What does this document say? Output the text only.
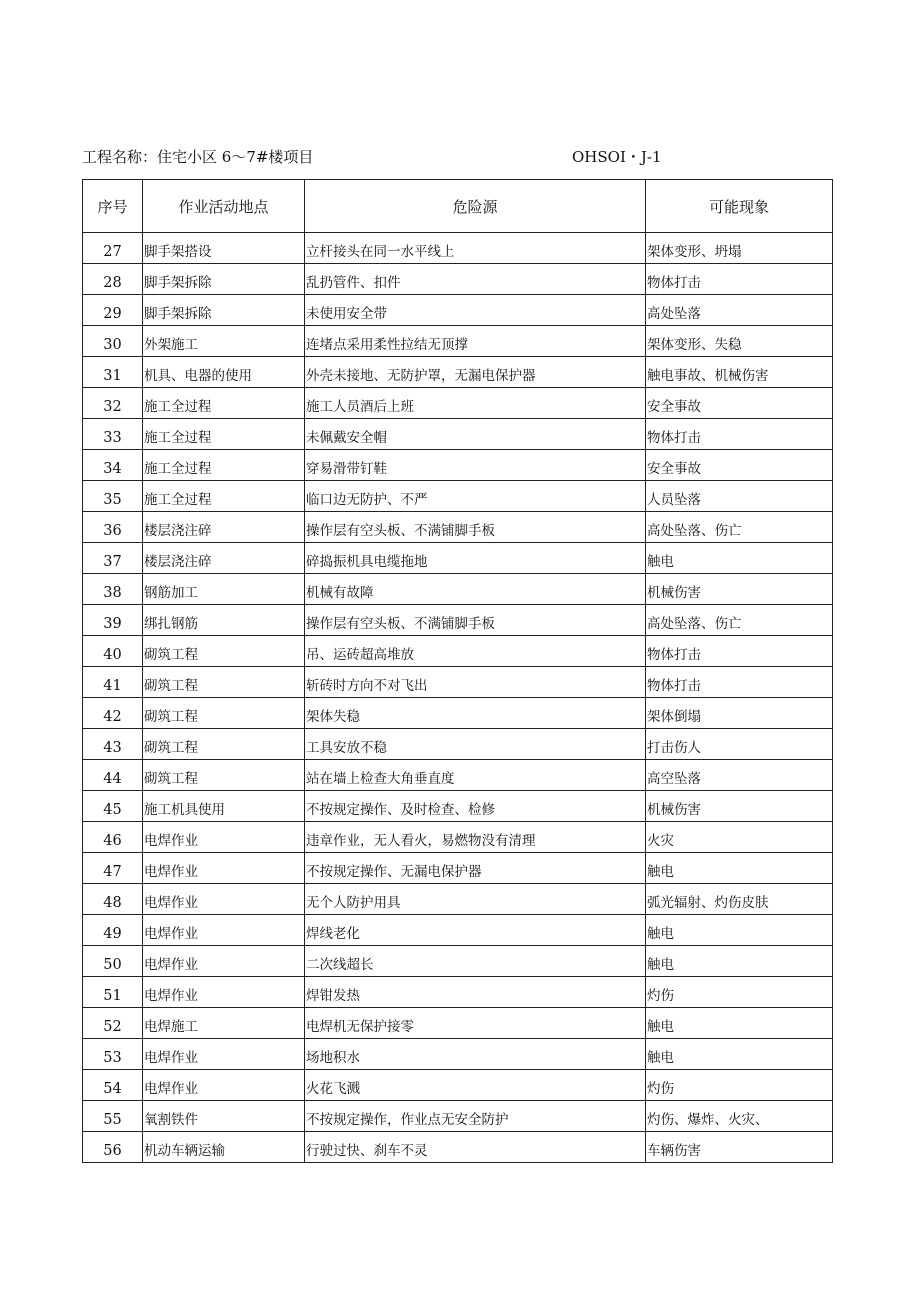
工程名称：住宅小区 6～7#楼项目	OHSOI・J-1
序号	作业活动地点	危险源	可能现象
27	脚手架搭设	立杆接头在同一水平线上	架体变形、坍塌
28	脚手架拆除	乱扔管件、扣件	物体打击
29	脚手架拆除	未使用安全带	高处坠落
30	外架施工	连堵点采用柔性拉结无顶撑	架体变形、失稳
31	机具、电器的使用	外壳未接地、无防护罩，无漏电保护器	触电事故、机械伤害
32	施工全过程	施工人员酒后上班	安全事故
33	施工全过程	未佩戴安全帽	物体打击
34	施工全过程	穿易滑带钉鞋	安全事故
35	施工全过程	临口边无防护、不严	人员坠落
36	楼层浇注碎	操作层有空头板、不满铺脚手板	高处坠落、伤亡
37	楼层浇注碎	碎捣振机具电缆拖地	触电
38	钢筋加工	机械有故障	机械伤害
39	绑扎钢筋	操作层有空头板、不满铺脚手板	高处坠落、伤亡
40	砌筑工程	吊、运砖超高堆放	物体打击
41	砌筑工程	斩砖时方向不对飞出	物体打击
42	砌筑工程	架体失稳	架体倒塌
43	砌筑工程	工具安放不稳	打击伤人
44	砌筑工程	站在墙上检查大角垂直度	高空坠落
45	施工机具使用	不按规定操作、及时检查、检修	机械伤害
46	电焊作业	违章作业，无人看火，易燃物没有清理	火灾
47	电焊作业	不按规定操作、无漏电保护器	触电
48	电焊作业	无个人防护用具	弧光辐射、灼伤皮肤
49	电焊作业	焊线老化	触电
50	电焊作业	二次线超长	触电
51	电焊作业	焊钳发热	灼伤
52	电焊施工	电焊机无保护接零	触电
53	电焊作业	场地积水	触电
54	电焊作业	火花飞溅	灼伤
55	氧割铁件	不按规定操作，作业点无安全防护	灼伤、爆炸、火灾、
56	机动车辆运输	行驶过快、刹车不灵	车辆伤害
